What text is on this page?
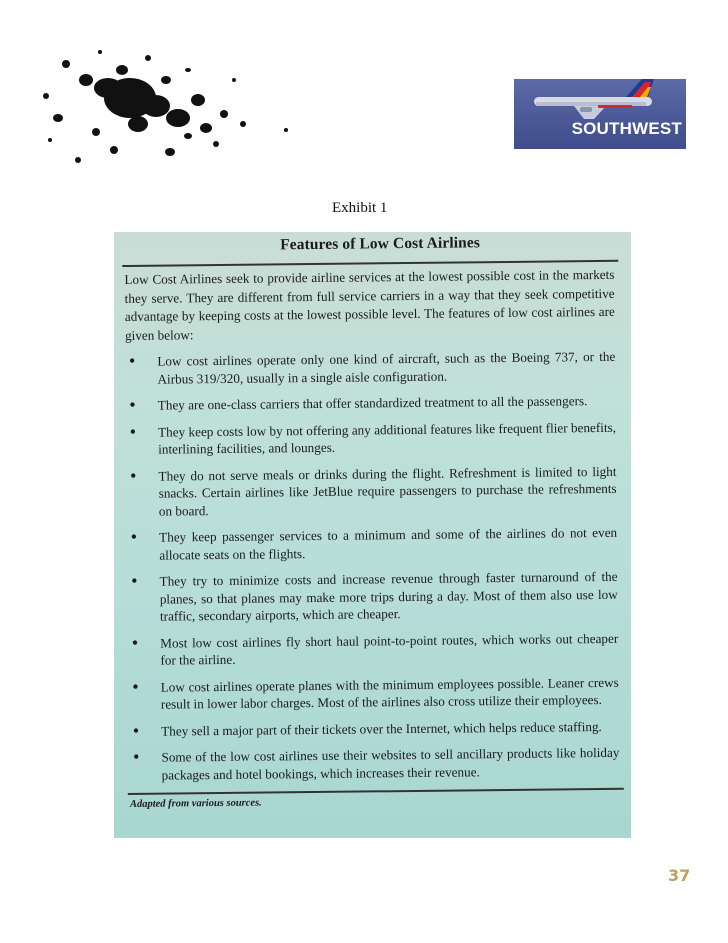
SOUTHWEST
Exhibit 1
Features of Low Cost Airlines

Low Cost Airlines seek to provide airline services at the lowest possible cost in the markets they serve. They are different from full service carriers in a way that they seek competitive advantage by keeping costs at the lowest possible level. The features of low cost airlines are given below:

• Low cost airlines operate only one kind of aircraft, such as the Boeing 737, or the Airbus 319/320, usually in a single aisle configuration.
• They are one-class carriers that offer standardized treatment to all the passengers.
• They keep costs low by not offering any additional features like frequent flier benefits, interlining facilities, and lounges.
• They do not serve meals or drinks during the flight. Refreshment is limited to light snacks. Certain airlines like JetBlue require passengers to purchase the refreshments on board.
• They keep passenger services to a minimum and some of the airlines do not even allocate seats on the flights.
• They try to minimize costs and increase revenue through faster turnaround of the planes, so that planes may make more trips during a day. Most of them also use low traffic, secondary airports, which are cheaper.
• Most low cost airlines fly short haul point-to-point routes, which works out cheaper for the airline.
• Low cost airlines operate planes with the minimum employees possible. Leaner crews result in lower labor charges. Most of the airlines also cross utilize their employees.
• They sell a major part of their tickets over the Internet, which helps reduce staffing.
• Some of the low cost airlines use their websites to sell ancillary products like holiday packages and hotel bookings, which increases their revenue.
Adapted from various sources.
37
